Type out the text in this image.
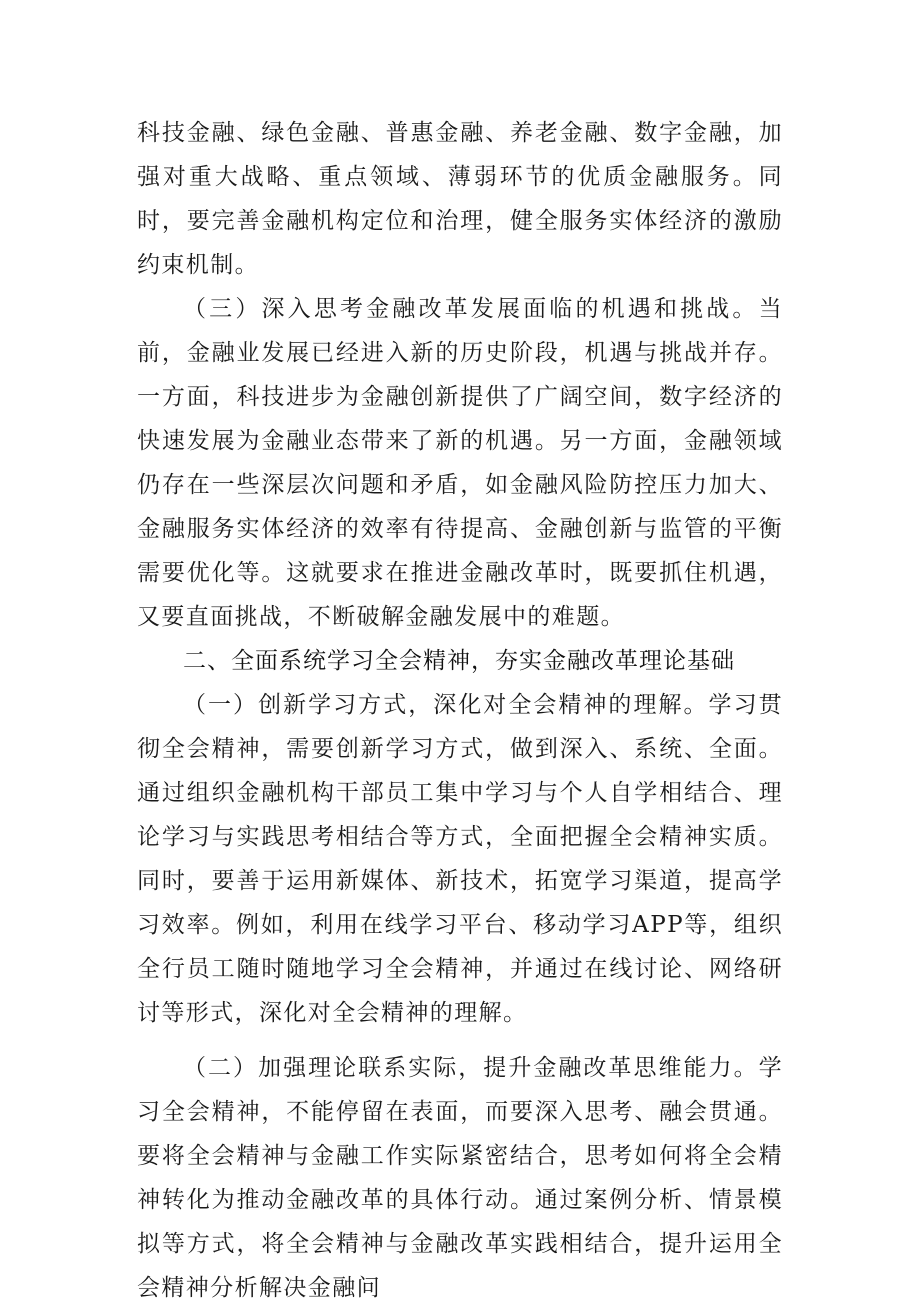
科技金融、绿色金融、普惠金融、养老金融、数字金融，加强对重大战略、重点领域、薄弱环节的优质金融服务。同时，要完善金融机构定位和治理，健全服务实体经济的激励约束机制。

（三）深入思考金融改革发展面临的机遇和挑战。当前，金融业发展已经进入新的历史阶段，机遇与挑战并存。一方面，科技进步为金融创新提供了广阔空间，数字经济的快速发展为金融业态带来了新的机遇。另一方面，金融领域仍存在一些深层次问题和矛盾，如金融风险防控压力加大、金融服务实体经济的效率有待提高、金融创新与监管的平衡需要优化等。这就要求在推进金融改革时，既要抓住机遇，又要直面挑战，不断破解金融发展中的难题。

二、全面系统学习全会精神，夯实金融改革理论基础

（一）创新学习方式，深化对全会精神的理解。学习贯彻全会精神，需要创新学习方式，做到深入、系统、全面。通过组织金融机构干部员工集中学习与个人自学相结合、理论学习与实践思考相结合等方式，全面把握全会精神实质。同时，要善于运用新媒体、新技术，拓宽学习渠道，提高学习效率。例如，利用在线学习平台、移动学习APP等，组织全行员工随时随地学习全会精神，并通过在线讨论、网络研讨等形式，深化对全会精神的理解。

（二）加强理论联系实际，提升金融改革思维能力。学习全会精神，不能停留在表面，而要深入思考、融会贯通。要将全会精神与金融工作实际紧密结合，思考如何将全会精神转化为推动金融改革的具体行动。通过案例分析、情景模拟等方式，将全会精神与金融改革实践相结合，提升运用全会精神分析解决金融问
